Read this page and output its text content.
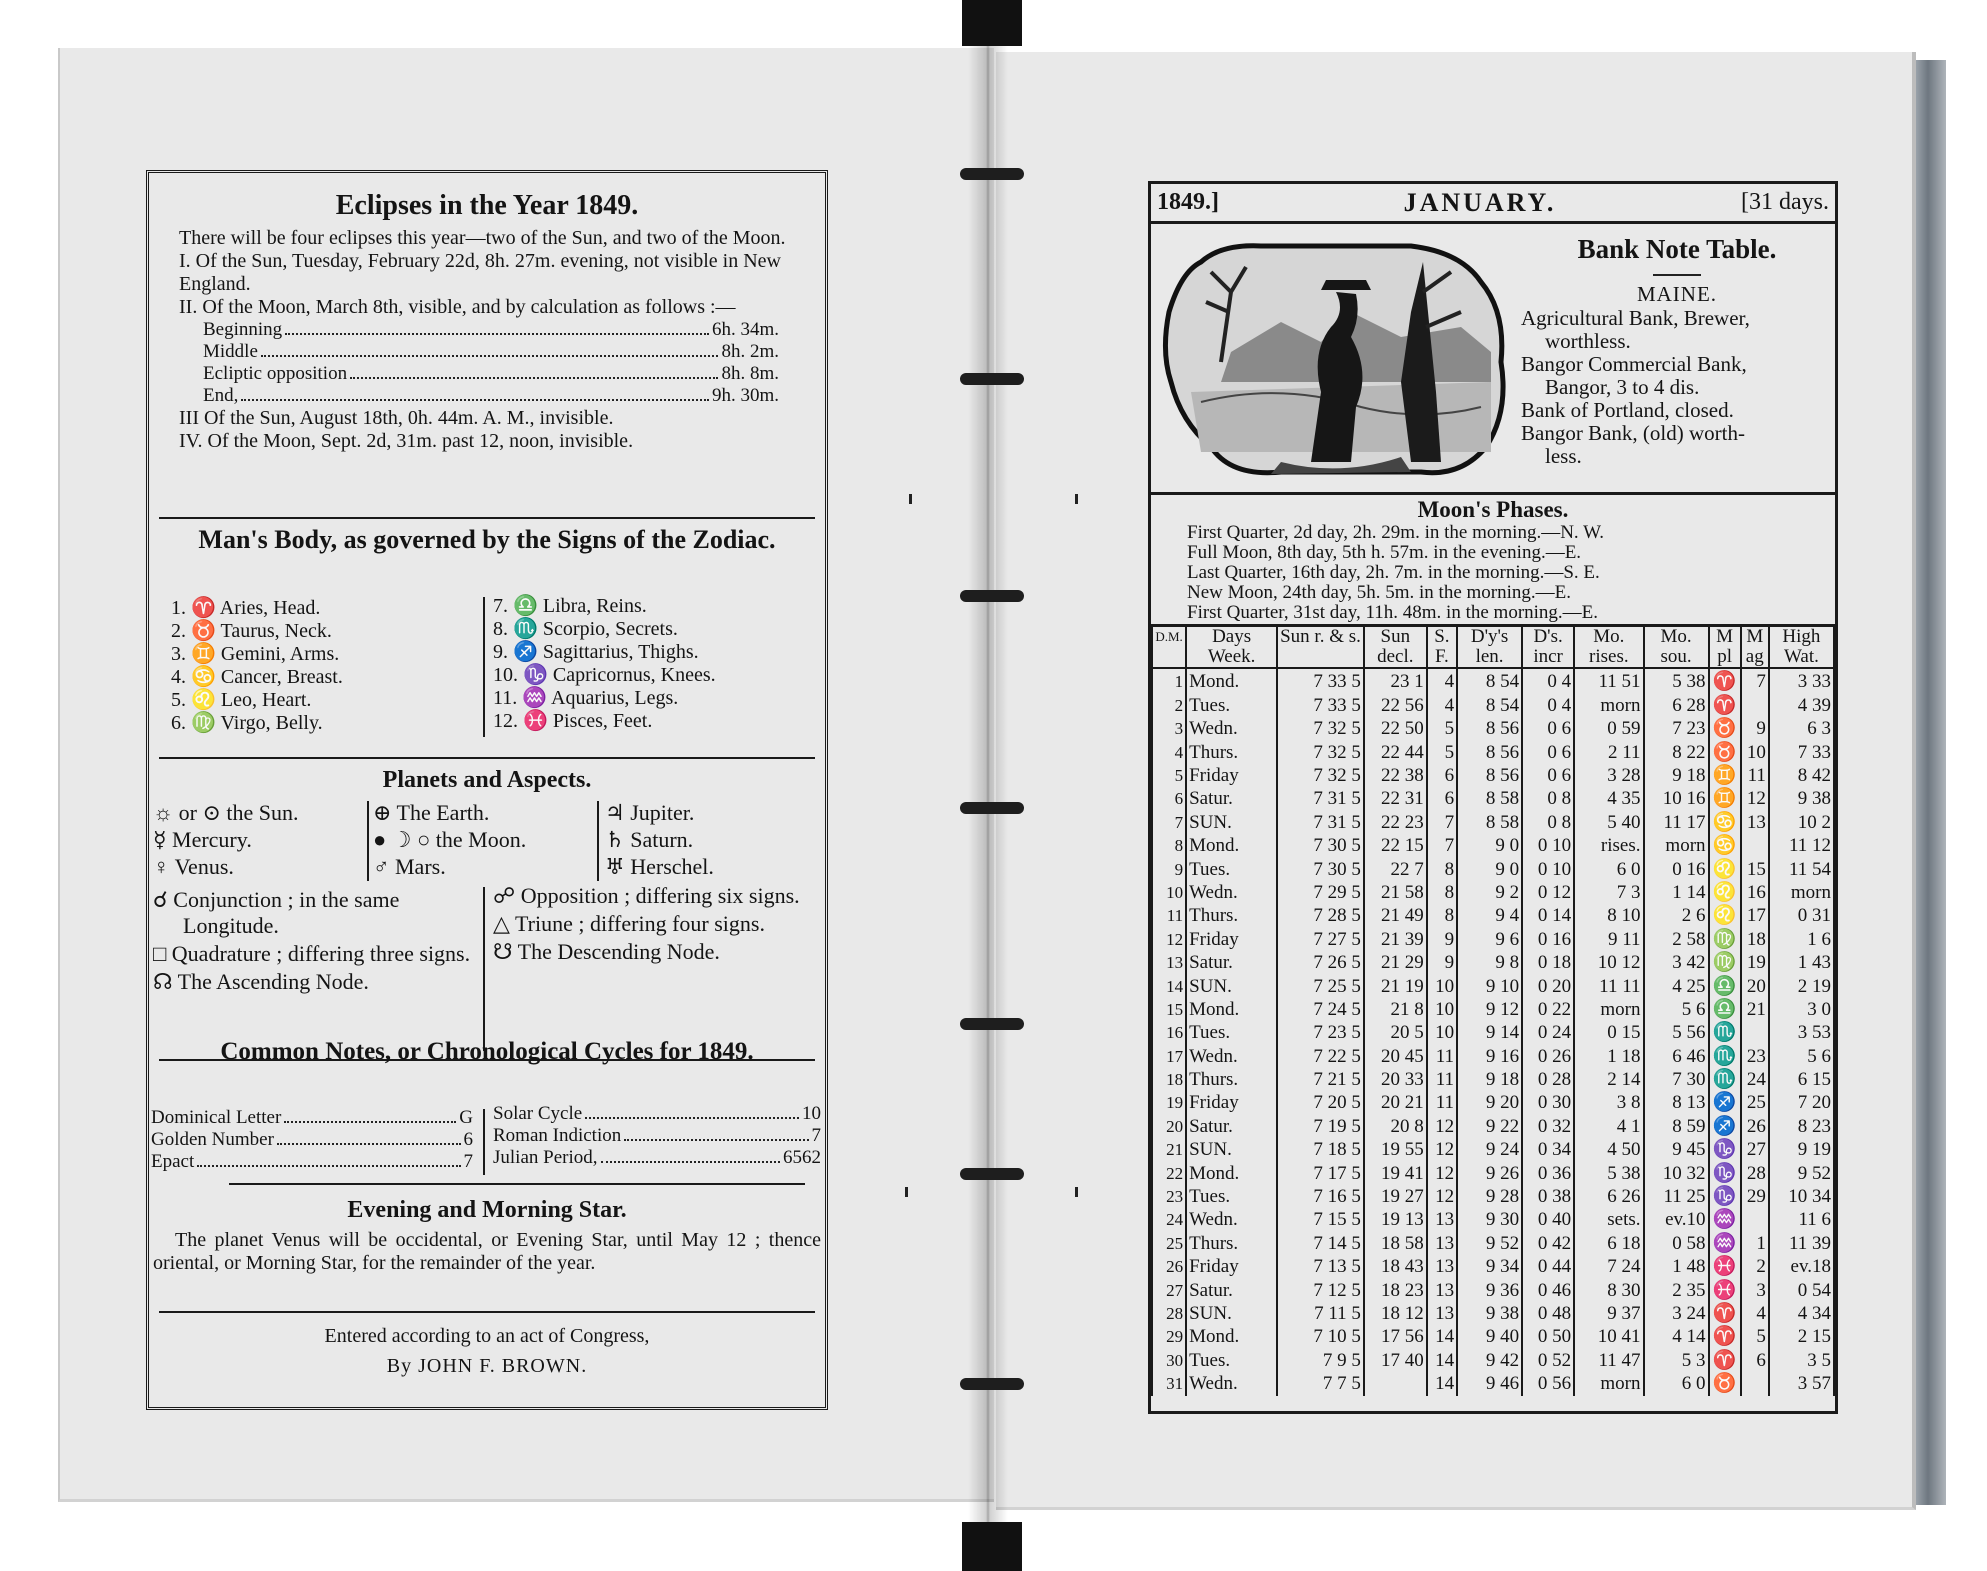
Eclipses in the Year 1849.

There will be four eclipses this year—two of the Sun, and two of the Moon.

I. Of the Sun, Tuesday, February 22d, 8h. 27m. evening, not visible in New England.

II. Of the Moon, March 8th, visible, and by calculation as follows :—

Beginning	6h. 34m.
Middle	8h. 2m.
Ecliptic opposition	8h. 8m.
End,	9h. 30m.

III Of the Sun, August 18th, 0h. 44m. A. M., invisible.

IV. Of the Moon, Sept. 2d, 31m. past 12, noon, invisible.

Man's Body, as governed by the Signs of the Zodiac.

1. ♈ Aries, Head.

2. ♉ Taurus, Neck.

3. ♊ Gemini, Arms.

4. ♋ Cancer, Breast.

5. ♌ Leo, Heart.

6. ♍ Virgo, Belly.

7. ♎ Libra, Reins.

8. ♏ Scorpio, Secrets.

9. ♐ Sagittarius, Thighs.

10. ♑ Capricornus, Knees.

11. ♒ Aquarius, Legs.

12. ♓ Pisces, Feet.

Planets and Aspects.

☼ or ⊙ the Sun.

☿ Mercury.

♀ Venus.

⊕ The Earth.

● ☽ ○ the Moon.

♂ Mars.

♃ Jupiter.

♄ Saturn.

♅ Herschel.

☌ Conjunction ; in the same Longitude.

□ Quadrature ; differing three signs.

☊ The Ascending Node.

☍ Opposition ; differing six signs.

△ Triune ; differing four signs.

☋ The Descending Node.

Common Notes, or Chronological Cycles for 1849.

Dominical Letter	G
Golden Number	6
Epact	7
Solar Cycle	10
Roman Indiction	7
Julian Period,	6562

Evening and Morning Star.

The planet Venus will be occidental, or Evening Star, until May 12 ; thence oriental, or Morning Star, for the remainder of the year.

Entered according to an act of Congress,

By JOHN F. BROWN.

1849.]	JANUARY.	[31 days.

Bank Note Table.

MAINE.

Agricultural Bank, Brewer,
worthless.

Bangor Commercial Bank,
Bangor, 3 to 4 dis.

Bank of Portland, closed.

Bangor Bank, (old) worth-
less.

Moon's Phases.

First Quarter, 2d day, 2h. 29m. in the morning.—N. W.

Full Moon, 8th day, 5th h. 57m. in the evening.—E.

Last Quarter, 16th day, 2h. 7m. in the morning.—S. E.

New Moon, 24th day, 5h. 5m. in the morning.—E.

First Quarter, 31st day, 11h. 48m. in the morning.—E.

D.M.	Days Week.	Sun r. & s.	Sun decl.	S. F.	D'y's len.	D's. incr	Mo. rises.	Mo. sou.	M pl	M ag	High Wat.
1	Mond.	7 33 5	23 1	4	8 54	0 4	11 51	5 38	♈	7	3 33
2	Tues.	7 33 5	22 56	4	8 54	0 4	morn	6 28	♈		4 39
3	Wedn.	7 32 5	22 50	5	8 56	0 6	0 59	7 23	♉	9	6 3
4	Thurs.	7 32 5	22 44	5	8 56	0 6	2 11	8 22	♉	10	7 33
5	Friday	7 32 5	22 38	6	8 56	0 6	3 28	9 18	♊	11	8 42
6	Satur.	7 31 5	22 31	6	8 58	0 8	4 35	10 16	♊	12	9 38
7	SUN.	7 31 5	22 23	7	8 58	0 8	5 40	11 17	♋	13	10 2
8	Mond.	7 30 5	22 15	7	9 0	0 10	rises.	morn	♋		11 12
9	Tues.	7 30 5	22 7	8	9 0	0 10	6 0	0 16	♌	15	11 54
10	Wedn.	7 29 5	21 58	8	9 2	0 12	7 3	1 14	♌	16	morn
11	Thurs.	7 28 5	21 49	8	9 4	0 14	8 10	2 6	♌	17	0 31
12	Friday	7 27 5	21 39	9	9 6	0 16	9 11	2 58	♍	18	1 6
13	Satur.	7 26 5	21 29	9	9 8	0 18	10 12	3 42	♍	19	1 43
14	SUN.	7 25 5	21 19	10	9 10	0 20	11 11	4 25	♎	20	2 19
15	Mond.	7 24 5	21 8	10	9 12	0 22	morn	5 6	♎	21	3 0
16	Tues.	7 23 5	20 5	10	9 14	0 24	0 15	5 56	♏		3 53
17	Wedn.	7 22 5	20 45	11	9 16	0 26	1 18	6 46	♏	23	5 6
18	Thurs.	7 21 5	20 33	11	9 18	0 28	2 14	7 30	♏	24	6 15
19	Friday	7 20 5	20 21	11	9 20	0 30	3 8	8 13	♐	25	7 20
20	Satur.	7 19 5	20 8	12	9 22	0 32	4 1	8 59	♐	26	8 23
21	SUN.	7 18 5	19 55	12	9 24	0 34	4 50	9 45	♑	27	9 19
22	Mond.	7 17 5	19 41	12	9 26	0 36	5 38	10 32	♑	28	9 52
23	Tues.	7 16 5	19 27	12	9 28	0 38	6 26	11 25	♑	29	10 34
24	Wedn.	7 15 5	19 13	13	9 30	0 40	sets.	ev.10	♒		11 6
25	Thurs.	7 14 5	18 58	13	9 52	0 42	6 18	0 58	♒	1	11 39
26	Friday	7 13 5	18 43	13	9 34	0 44	7 24	1 48	♓	2	ev.18
27	Satur.	7 12 5	18 23	13	9 36	0 46	8 30	2 35	♓	3	0 54
28	SUN.	7 11 5	18 12	13	9 38	0 48	9 37	3 24	♈	4	4 34
29	Mond.	7 10 5	17 56	14	9 40	0 50	10 41	4 14	♈	5	2 15
30	Tues.	7 9 5	17 40	14	9 42	0 52	11 47	5 3	♈	6	3 5
31	Wedn.	7 7 5		14	9 46	0 56	morn	6 0	♉		3 57
